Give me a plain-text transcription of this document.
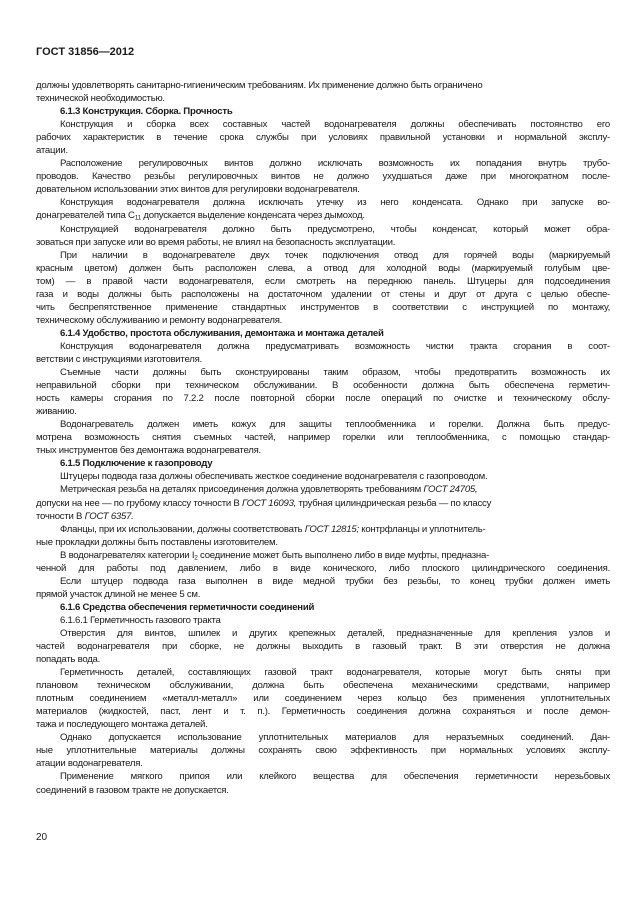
ГОСТ 31856—2012
должны удовлетворять санитарно-гигиеническим требованиям. Их применение должно быть ограничено
технической необходимостью.
6.1.3 Конструкция. Сборка. Прочность
Конструкция и сборка всех составных частей водонагревателя должны обеспечивать постоянство его
рабочих характеристик в течение срока службы при условиях правильной установки и нормальной эксплу-
атации.
Расположение регулировочных винтов должно исключать возможность их попадания внутрь трубо-
проводов. Качество резьбы регулировочных винтов не должно ухудшаться даже при многократном после-
довательном использовании этих винтов для регулировки водонагревателя.
Конструкция водонагревателя должна исключать утечку из него конденсата. Однако при запуске во-
донагревателей типа $C_{11}$ допускается выделение конденсата через дымоход.
Конструкцией водонагревателя должно быть предусмотрено, чтобы конденсат, который может обра-
зоваться при запуске или во время работы, не влиял на безопасность эксплуатации.
При наличии в водонагревателе двух точек подключения отвод для горячей воды (маркируемый
красным цветом) должен быть расположен слева, а отвод для холодной воды (маркируемый голубым цве-
том) — в правой части водонагревателя, если смотреть на переднюю панель. Штуцеры для подсоединения
газа и воды должны быть расположены на достаточном удалении от стены и друг от друга с целью обеспе-
чить беспрепятственное применение стандартных инструментов в соответствии с инструкцией по монтажу,
техническому обслуживанию и ремонту водонагревателя.
6.1.4 Удобство, простота обслуживания, демонтажа и монтажа деталей
Конструкция водонагревателя должна предусматривать возможность чистки тракта сгорания в соот-
ветствии с инструкциями изготовителя.
Съемные части должны быть сконструированы таким образом, чтобы предотвратить возможность их
неправильной сборки при техническом обслуживании. В особенности должна быть обеспечена герметич-
ность камеры сгорания по 7.2.2 после повторной сборки после операций по очистке и техническому обслу-
живанию.
Водонагреватель должен иметь кожух для защиты теплообменника и горелки. Должна быть предус-
мотрена возможность снятия съемных частей, например горелки или теплообменника, с помощью стандар-
тных инструментов без демонтажа водонагревателя.
6.1.5 Подключение к газопроводу
Штуцеры подвода газа должны обеспечивать жесткое соединение водонагревателя с газопроводом.
Метрическая резьба на деталях присоединения должна удовлетворять требованиям ГОСТ 24705,
допуски на нее — по грубому классу точности В ГОСТ 16093, трубная цилиндрическая резьба — по классу
точности В ГОСТ 6357.
Фланцы, при их использовании, должны соответствовать ГОСТ 12815; контрфланцы и уплотнитель-
ные прокладки должны быть поставлены изготовителем.
В водонагревателях категории $I_2$ соединение может быть выполнено либо в виде муфты, предназна-
ченной для работы под давлением, либо в виде конического, либо плоского цилиндрического соединения.
Если штуцер подвода газа выполнен в виде медной трубки без резьбы, то конец трубки должен иметь
прямой участок длиной не менее 5 см.
6.1.6 Средства обеспечения герметичности соединений
6.1.6.1 Герметичность газового тракта
Отверстия для винтов, шпилек и других крепежных деталей, предназначенные для крепления узлов и
частей водонагревателя при сборке, не должны выходить в газовый тракт. В эти отверстия не должна
попадать вода.
Герметичность деталей, составляющих газовой тракт водонагревателя, которые могут быть сняты при
плановом техническом обслуживании, должна быть обеспечена механическими средствами, например
плотным соединением «металл-металл» или соединением через кольцо без применения уплотнительных
материалов (жидкостей, паст, лент и т. п.). Герметичность соединения должна сохраняться и после демон-
тажа и последующего монтажа деталей.
Однако допускается использование уплотнительных материалов для неразъемных соединений. Дан-
ные уплотнительные материалы должны сохранять свою эффективность при нормальных условиях эксплу-
атации водонагревателя.
Применение мягкого припоя или клейкого вещества для обеспечения герметичности нерезьбовых
соединений в газовом тракте не допускается.
20
